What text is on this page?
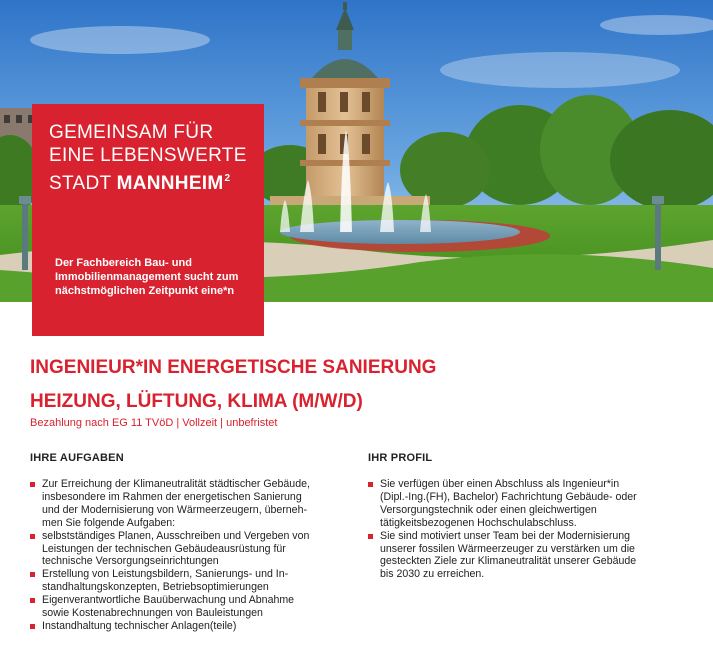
GEMEINSAM FÜR
EINE LEBENSWERTE
STADT MANNHEIM$^2$
Der Fachbereich Bau- und Immobilienmanagement sucht zum nächstmöglichen Zeitpunkt eine*n
INGENIEUR*IN ENERGETISCHE SANIERUNG
HEIZUNG, LÜFTUNG, KLIMA (M/W/D)
Bezahlung nach EG 11 TVöD | Vollzeit | unbefristet
IHRE AUFGABEN
Zur Erreichung der Klimaneutralität städtischer Gebäude,
insbesondere im Rahmen der energetischen Sanierung
und der Modernisierung von Wärmeerzeugern, überneh-
men Sie folgende Aufgaben:
selbstständiges Planen, Ausschreiben und Vergeben von
Leistungen der technischen Gebäudeausrüstung für
technische Versorgungseinrichtungen
Erstellung von Leistungsbildern, Sanierungs- und In-
standhaltungskonzepten, Betriebsoptimierungen
Eigenverantwortliche Bauüberwachung und Abnahme
sowie Kostenabrechnungen von Bauleistungen
Instandhaltung technischer Anlagen(teile)
IHR PROFIL
Sie verfügen über einen Abschluss als Ingenieur*in
(Dipl.-Ing.(FH), Bachelor) Fachrichtung Gebäude- oder
Versorgungstechnik oder einen gleichwertigen
tätigkeitsbezogenen Hochschulabschluss.
Sie sind motiviert unser Team bei der Modernisierung
unserer fossilen Wärmeerzeuger zu verstärken um die
gesteckten Ziele zur Klimaneutralität unserer Gebäude
bis 2030 zu erreichen.
